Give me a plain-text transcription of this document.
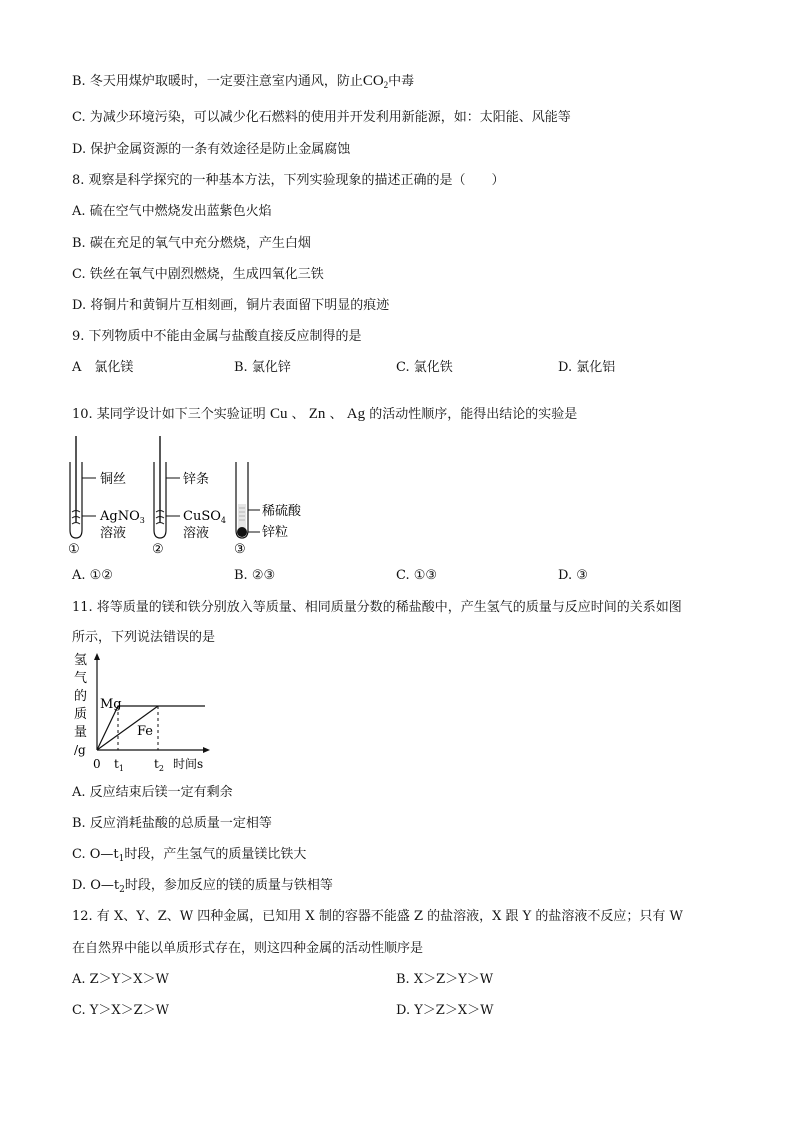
B. 冬天用煤炉取暖时，一定要注意室内通风，防止$CO_2$中毒
C. 为减少环境污染，可以减少化石燃料的使用并开发利用新能源，如：太阳能、风能等
D. 保护金属资源的一条有效途径是防止金属腐蚀
8. 观察是科学探究的一种基本方法，下列实验现象的描述正确的是（　　）
A. 硫在空气中燃烧发出蓝紫色火焰
B. 碳在充足的氧气中充分燃烧，产生白烟
C. 铁丝在氧气中剧烈燃烧，生成四氧化三铁
D. 将铜片和黄铜片互相刻画，铜片表面留下明显的痕迹
9. 下列物质中不能由金属与盐酸直接反应制得的是
A　氯化镁	B. 氯化锌	C. 氯化铁	D. 氯化铝
10. 某同学设计如下三个实验证明 Cu 、 Zn 、 Ag 的活动性顺序，能得出结论的实验是
铜丝
AgNO$_3$
溶液
①
锌条
CuSO$_4$
溶液
②
稀硫酸
锌粒
③
A. ①②	B. ②③	C. ①③	D. ③
11. 将等质量的镁和铁分别放入等质量、相同质量分数的稀盐酸中，产生氢气的质量与反应时间的关系如图
所示，下列说法错误的是
氢
气
的
质
量
/g
Mg
Fe
0 $t_1$	$t_2$ 时间s
A. 反应结束后镁一定有剩余
B. 反应消耗盐酸的总质量一定相等
C. $O—t_1$时段，产生氢气的质量镁比铁大
D. $O—t_2$时段，参加反应的镁的质量与铁相等
12. 有 X、Y、Z、W 四种金属，已知用 X 制的容器不能盛 Z 的盐溶液，X 跟 Y 的盐溶液不反应；只有 W
在自然界中能以单质形式存在，则这四种金属的活动性顺序是
A. Z＞Y＞X＞W	B. X＞Z＞Y＞W
C. Y＞X＞Z＞W	D. Y＞Z＞X＞W
